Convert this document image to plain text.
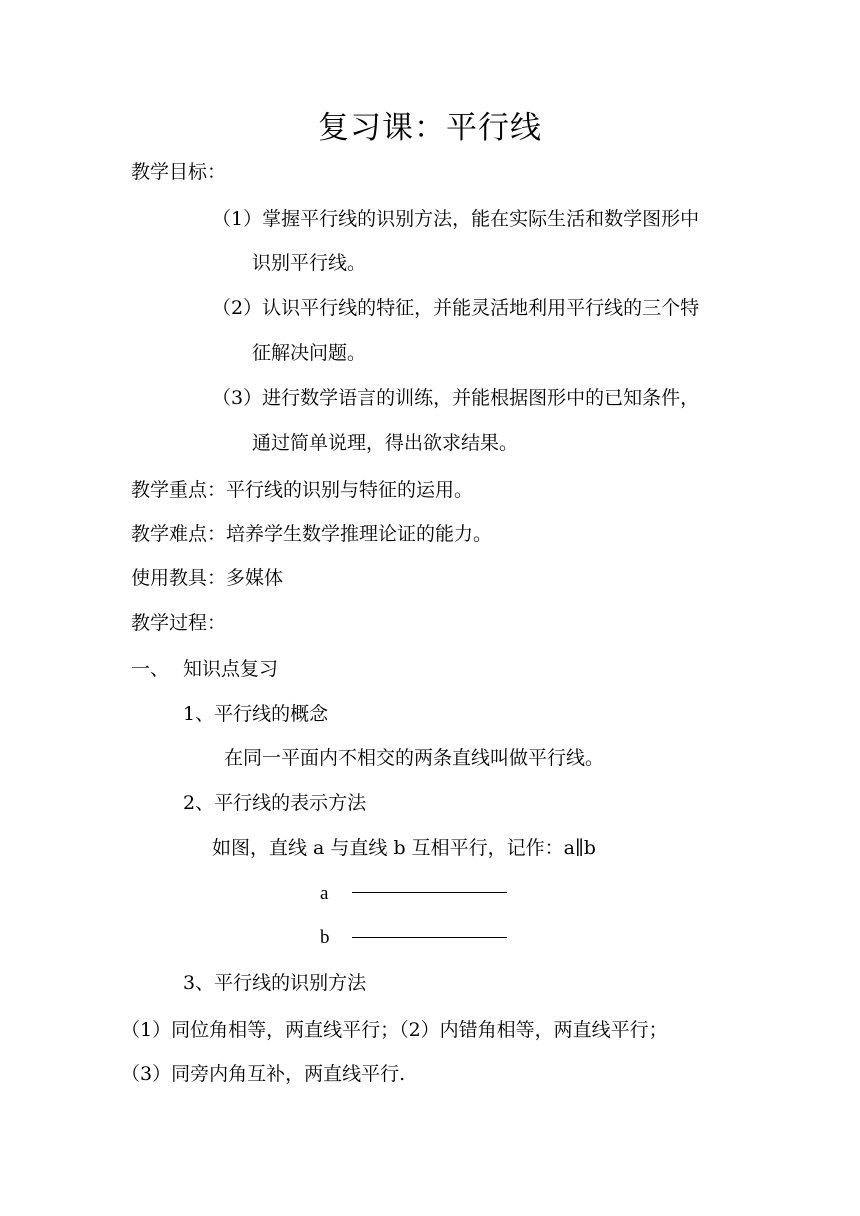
复习课：平行线
教学目标：
（1）掌握平行线的识别方法，能在实际生活和数学图形中
识别平行线。
（2）认识平行线的特征，并能灵活地利用平行线的三个特
征解决问题。
（3）进行数学语言的训练，并能根据图形中的已知条件，
通过简单说理，得出欲求结果。
教学重点：平行线的识别与特征的运用。
教学难点：培养学生数学推理论证的能力。
使用教具：多媒体
教学过程：
一、 知识点复习
1、平行线的概念
在同一平面内不相交的两条直线叫做平行线。
2、平行线的表示方法
如图，直线 a 与直线 b 互相平行，记作：a∥b
a
b
3、平行线的识别方法
（1）同位角相等，两直线平行；（2）内错角相等，两直线平行；
（3）同旁内角互补，两直线平行.
